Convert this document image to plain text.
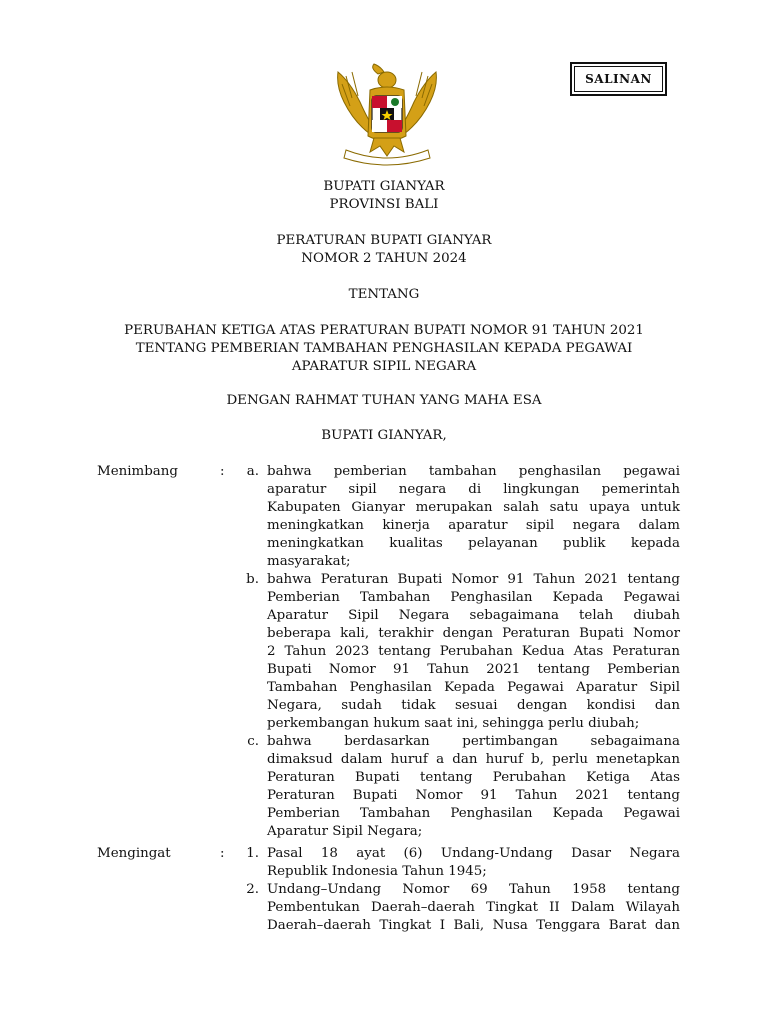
SALINAN
BUPATI GIANYAR
PROVINSI BALI
PERATURAN BUPATI GIANYAR
NOMOR 2 TAHUN 2024
TENTANG
PERUBAHAN KETIGA ATAS PERATURAN BUPATI NOMOR 91 TAHUN 2021
TENTANG PEMBERIAN TAMBAHAN PENGHASILAN KEPADA PEGAWAI
APARATUR SIPIL NEGARA
DENGAN RAHMAT TUHAN YANG MAHA ESA
BUPATI GIANYAR,
Menimbang	:	a. bahwa pemberian tambahan penghasilan pegawai
aparatur sipil negara di lingkungan pemerintah
Kabupaten Gianyar merupakan salah satu upaya untuk
meningkatkan kinerja aparatur sipil negara dalam
meningkatkan kualitas pelayanan publik kepada
masyarakat;
b. bahwa Peraturan Bupati Nomor 91 Tahun 2021 tentang
Pemberian Tambahan Penghasilan Kepada Pegawai
Aparatur Sipil Negara sebagaimana telah diubah
beberapa kali, terakhir dengan Peraturan Bupati Nomor
2 Tahun 2023 tentang Perubahan Kedua Atas Peraturan
Bupati Nomor 91 Tahun 2021 tentang Pemberian
Tambahan Penghasilan Kepada Pegawai Aparatur Sipil
Negara, sudah tidak sesuai dengan kondisi dan
perkembangan hukum saat ini, sehingga perlu diubah;
c. bahwa berdasarkan pertimbangan sebagaimana
dimaksud dalam huruf a dan huruf b, perlu menetapkan
Peraturan Bupati tentang Perubahan Ketiga Atas
Peraturan Bupati Nomor 91 Tahun 2021 tentang
Pemberian Tambahan Penghasilan Kepada Pegawai
Aparatur Sipil Negara;
Mengingat	:	1. Pasal 18 ayat (6) Undang-Undang Dasar Negara
Republik Indonesia Tahun 1945;
2. Undang–Undang Nomor 69 Tahun 1958 tentang
Pembentukan Daerah–daerah Tingkat II Dalam Wilayah
Daerah–daerah Tingkat I Bali, Nusa Tenggara Barat dan
